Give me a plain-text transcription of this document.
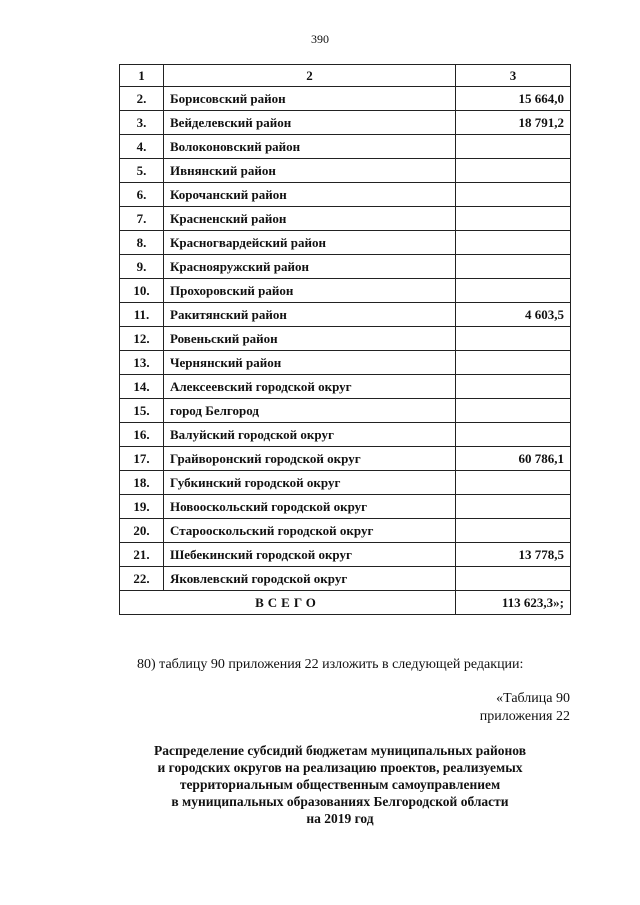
390
1	2	3
2.	Борисовский район	15 664,0
3.	Вейделевский район	18 791,2
4.	Волоконовский район	
5.	Ивнянский район	
6.	Корочанский район	
7.	Красненский район	
8.	Красногвардейский район	
9.	Краснояружский район	
10.	Прохоровский район	
11.	Ракитянский район	4 603,5
12.	Ровеньский район	
13.	Чернянский район	
14.	Алексеевский городской округ	
15.	город Белгород	
16.	Валуйский городской округ	
17.	Грайворонский городской округ	60 786,1
18.	Губкинский городской округ	
19.	Новооскольский городской округ	
20.	Старооскольский городской округ	
21.	Шебекинский городской округ	13 778,5
22.	Яковлевский городской округ	
ВСЕГО		113 623,3»;
80) таблицу 90 приложения 22 изложить в следующей редакции:
«Таблица 90
приложения 22
Распределение субсидий бюджетам муниципальных районов
и городских округов на реализацию проектов, реализуемых
территориальным общественным самоуправлением
в муниципальных образованиях Белгородской области
на 2019 год
